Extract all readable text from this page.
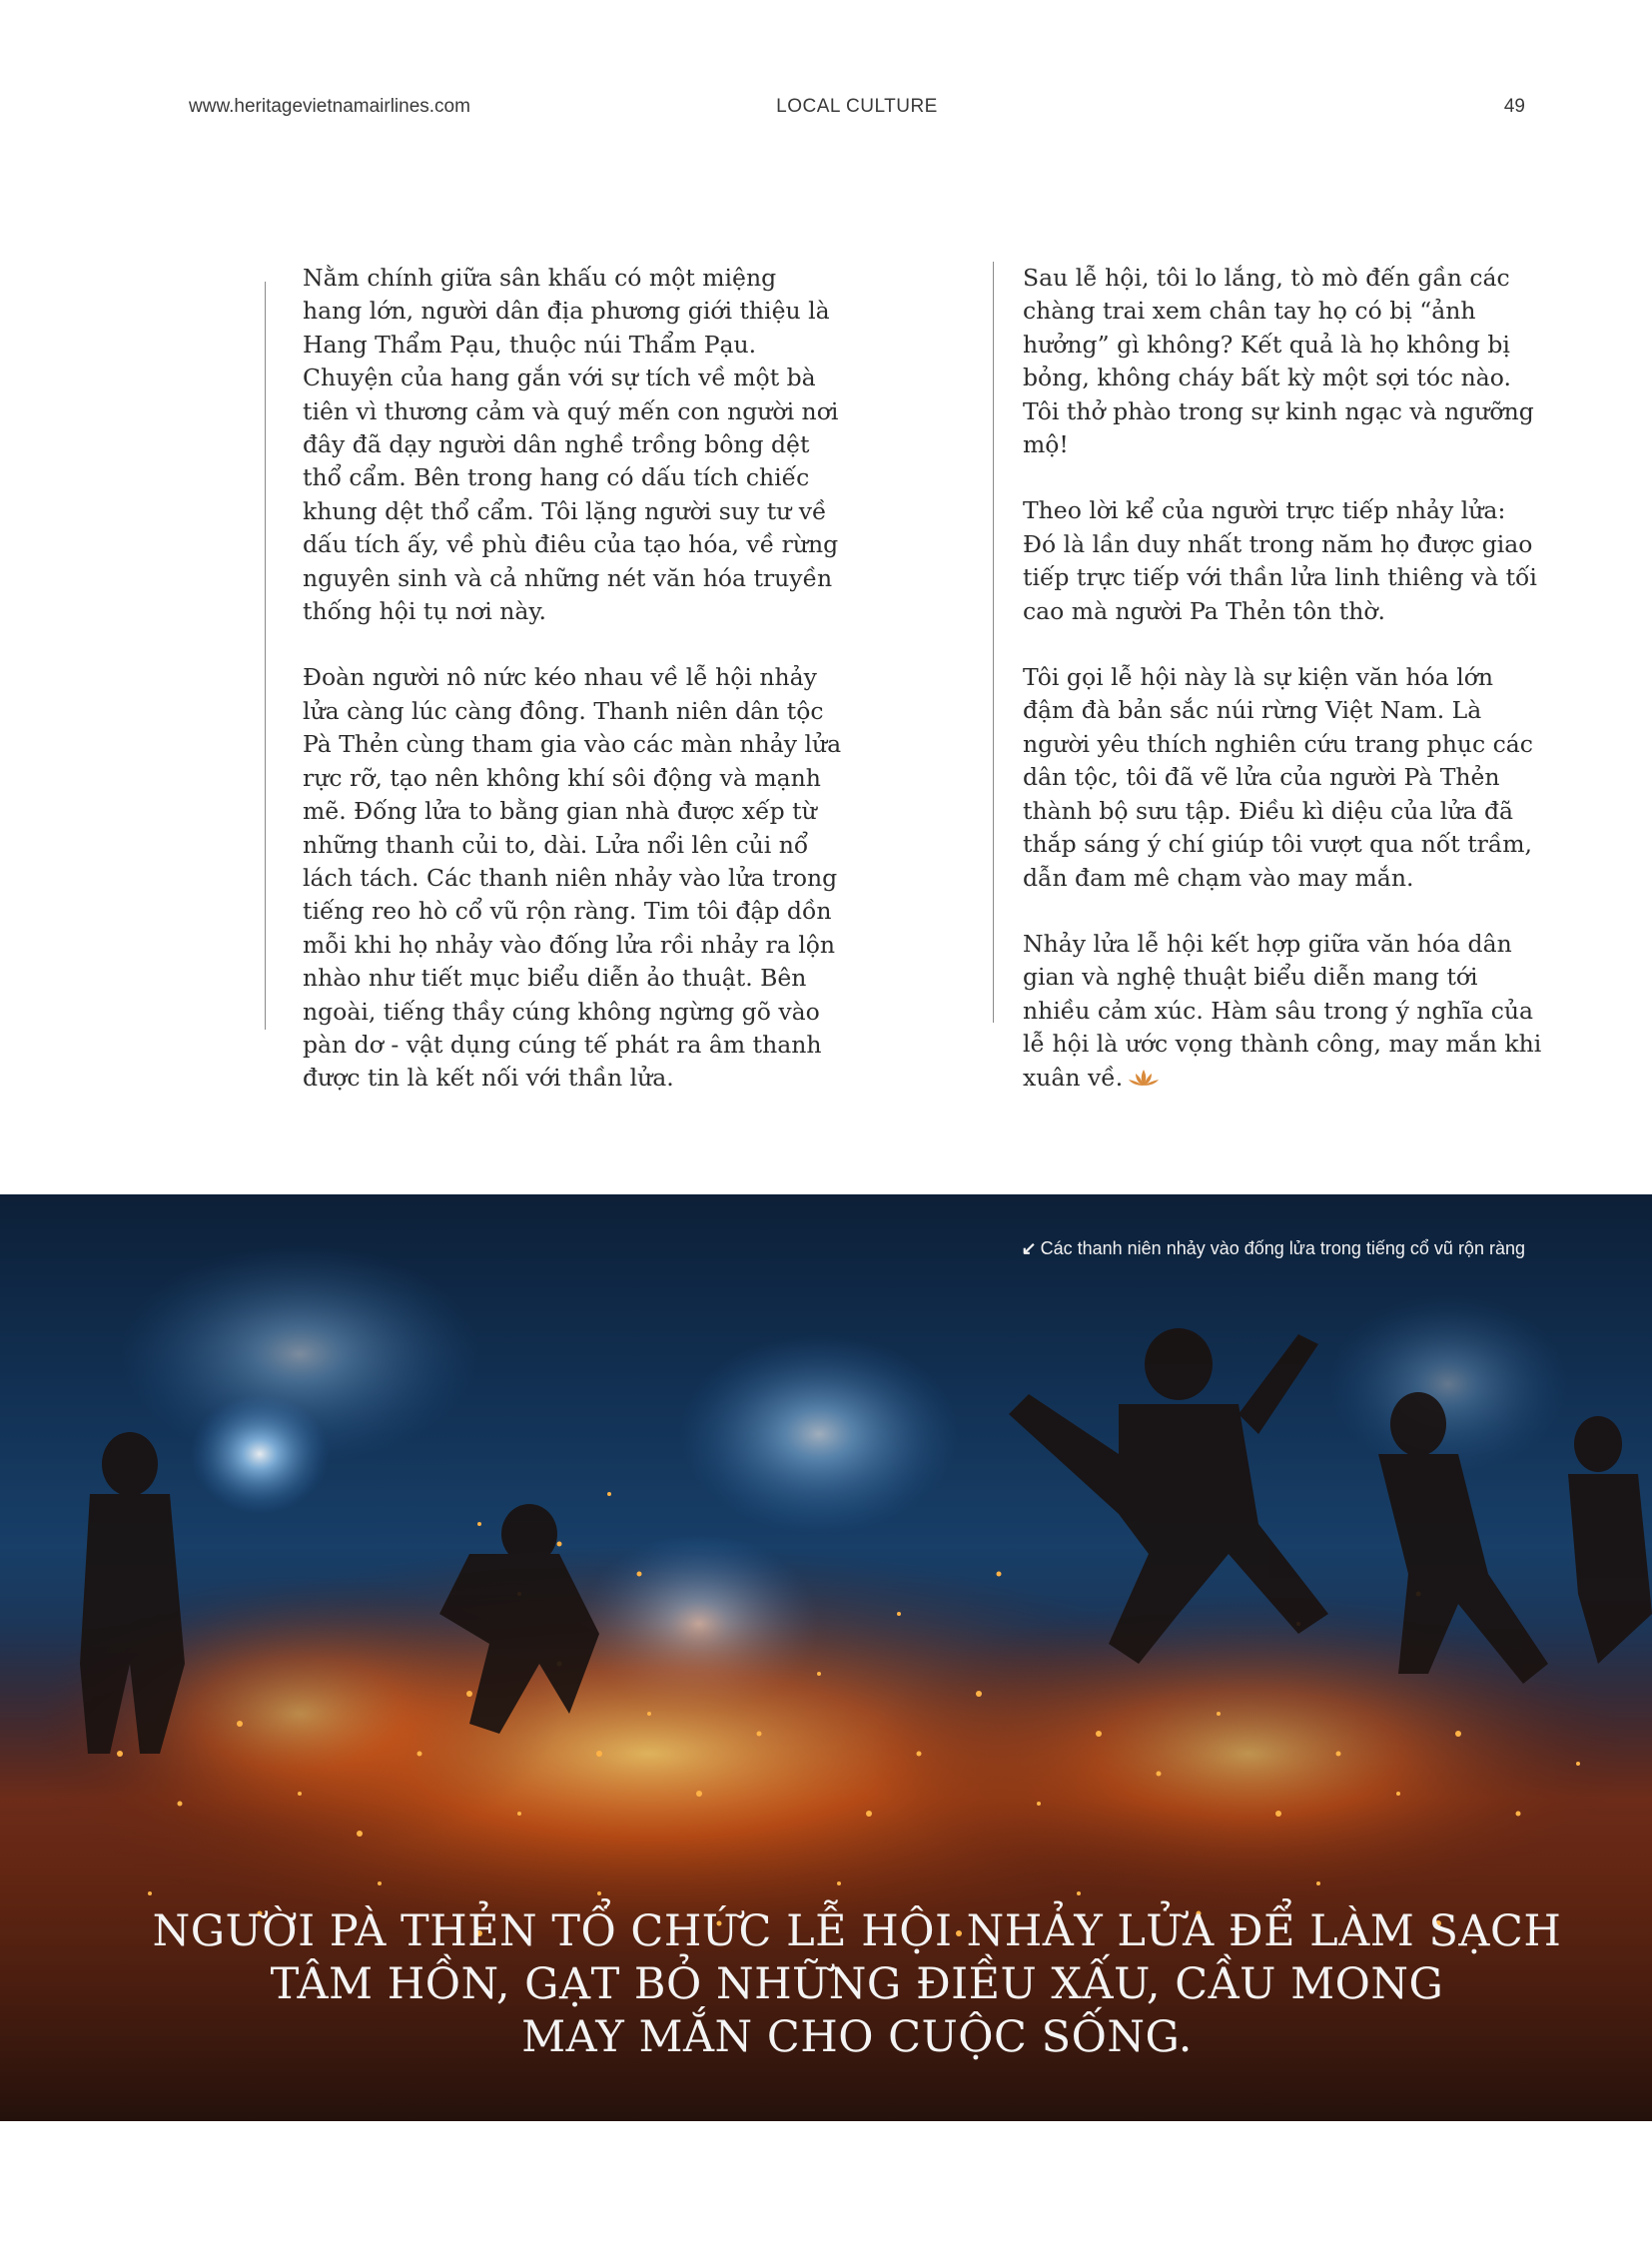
www.heritagevietnamairlines.com	LOCAL CULTURE	49

Nằm chính giữa sân khấu có một miệng hang lớn, người dân địa phương giới thiệu là Hang Thẩm Pạu, thuộc núi Thẩm Pạu. Chuyện của hang gắn với sự tích về một bà tiên vì thương cảm và quý mến con người nơi đây đã dạy người dân nghề trồng bông dệt thổ cẩm. Bên trong hang có dấu tích chiếc khung dệt thổ cẩm. Tôi lặng người suy tư về dấu tích ấy, về phù điêu của tạo hóa, về rừng nguyên sinh và cả những nét văn hóa truyền thống hội tụ nơi này.

Đoàn người nô nức kéo nhau về lễ hội nhảy lửa càng lúc càng đông. Thanh niên dân tộc Pà Thẻn cùng tham gia vào các màn nhảy lửa rực rỡ, tạo nên không khí sôi động và mạnh mẽ. Đống lửa to bằng gian nhà được xếp từ những thanh củi to, dài. Lửa nổi lên củi nổ lách tách. Các thanh niên nhảy vào lửa trong tiếng reo hò cổ vũ rộn ràng. Tim tôi đập dồn mỗi khi họ nhảy vào đống lửa rồi nhảy ra lộn nhào như tiết mục biểu diễn ảo thuật. Bên ngoài, tiếng thầy cúng không ngừng gõ vào pàn dơ - vật dụng cúng tế phát ra âm thanh được tin là kết nối với thần lửa.

Sau lễ hội, tôi lo lắng, tò mò đến gần các chàng trai xem chân tay họ có bị “ảnh hưởng” gì không? Kết quả là họ không bị bỏng, không cháy bất kỳ một sợi tóc nào. Tôi thở phào trong sự kinh ngạc và ngưỡng mộ!

Theo lời kể của người trực tiếp nhảy lửa: Đó là lần duy nhất trong năm họ được giao tiếp trực tiếp với thần lửa linh thiêng và tối cao mà người Pa Thẻn tôn thờ.

Tôi gọi lễ hội này là sự kiện văn hóa lớn đậm đà bản sắc núi rừng Việt Nam. Là người yêu thích nghiên cứu trang phục các dân tộc, tôi đã vẽ lửa của người Pà Thẻn thành bộ sưu tập. Điều kì diệu của lửa đã thắp sáng ý chí giúp tôi vượt qua nốt trầm, dẫn đam mê chạm vào may mắn.

Nhảy lửa lễ hội kết hợp giữa văn hóa dân gian và nghệ thuật biểu diễn mang tới nhiều cảm xúc. Hàm sâu trong ý nghĩa của lễ hội là ước vọng thành công, may mắn khi xuân về.

↙ Các thanh niên nhảy vào đống lửa trong tiếng cổ vũ rộn ràng
NGƯỜI PÀ THẺN TỔ CHỨC LỄ HỘI NHẢY LỬA ĐỂ LÀM SẠCH
TÂM HỒN, GẠT BỎ NHỮNG ĐIỀU XẤU, CẦU MONG
MAY MẮN CHO CUỘC SỐNG.
